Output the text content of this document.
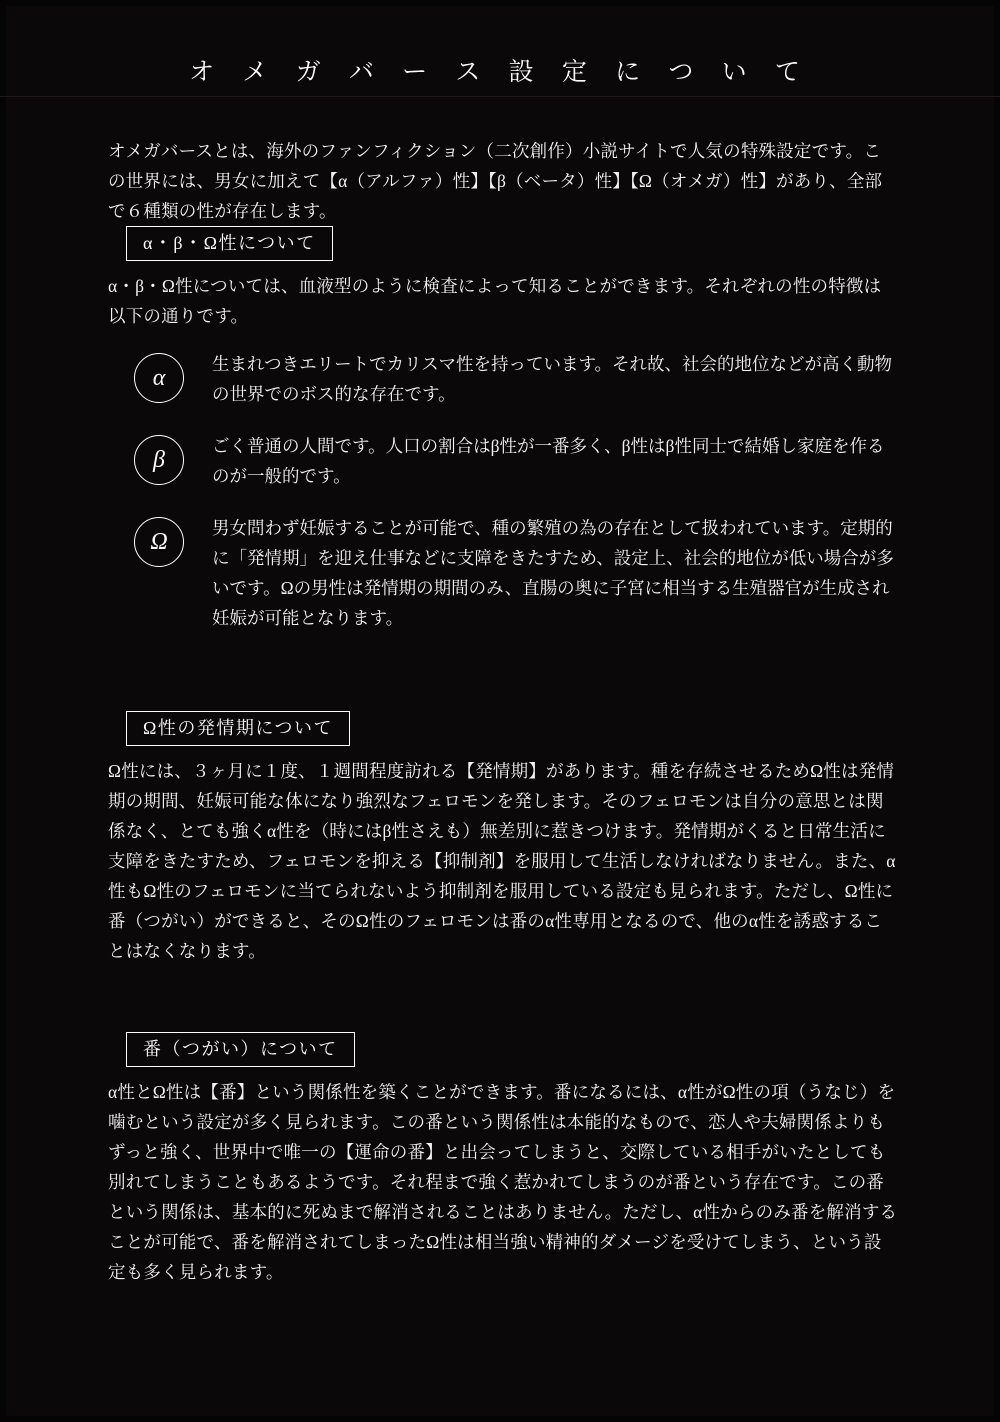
オ メ ガ バ ー ス 設 定 に つ い て

オメガバースとは、海外のファンフィクション（二次創作）小説サイトで人気の特殊設定です。この世界には、男女に加えて【α（アルファ）性】【β（ベータ）性】【Ω（オメガ）性】があり、全部で６種類の性が存在します。

α・β・Ω性について

α・β・Ω性については、血液型のように検査によって知ることができます。それぞれの性の特徴は以下の通りです。

α
生まれつきエリートでカリスマ性を持っています。それ故、社会的地位などが高く動物の世界でのボス的な存在です。
β
ごく普通の人間です。人口の割合はβ性が一番多く、β性はβ性同士で結婚し家庭を作るのが一般的です。
Ω
男女問わず妊娠することが可能で、種の繁殖の為の存在として扱われています。定期的に「発情期」を迎え仕事などに支障をきたすため、設定上、社会的地位が低い場合が多いです。Ωの男性は発情期の期間のみ、直腸の奥に子宮に相当する生殖器官が生成され妊娠が可能となります。
Ω性の発情期について

Ω性には、３ヶ月に１度、１週間程度訪れる【発情期】があります。種を存続させるためΩ性は発情期の期間、妊娠可能な体になり強烈なフェロモンを発します。そのフェロモンは自分の意思とは関係なく、とても強くα性を（時にはβ性さえも）無差別に惹きつけます。発情期がくると日常生活に支障をきたすため、フェロモンを抑える【抑制剤】を服用して生活しなければなりません。また、α性もΩ性のフェロモンに当てられないよう抑制剤を服用している設定も見られます。ただし、Ω性に番（つがい）ができると、そのΩ性のフェロモンは番のα性専用となるので、他のα性を誘惑することはなくなります。

番（つがい）について

α性とΩ性は【番】という関係性を築くことができます。番になるには、α性がΩ性の項（うなじ）を噛むという設定が多く見られます。この番という関係性は本能的なもので、恋人や夫婦関係よりもずっと強く、世界中で唯一の【運命の番】と出会ってしまうと、交際している相手がいたとしても別れてしまうこともあるようです。それ程まで強く惹かれてしまうのが番という存在です。この番という関係は、基本的に死ぬまで解消されることはありません。ただし、α性からのみ番を解消することが可能で、番を解消されてしまったΩ性は相当強い精神的ダメージを受けてしまう、という設定も多く見られます。
